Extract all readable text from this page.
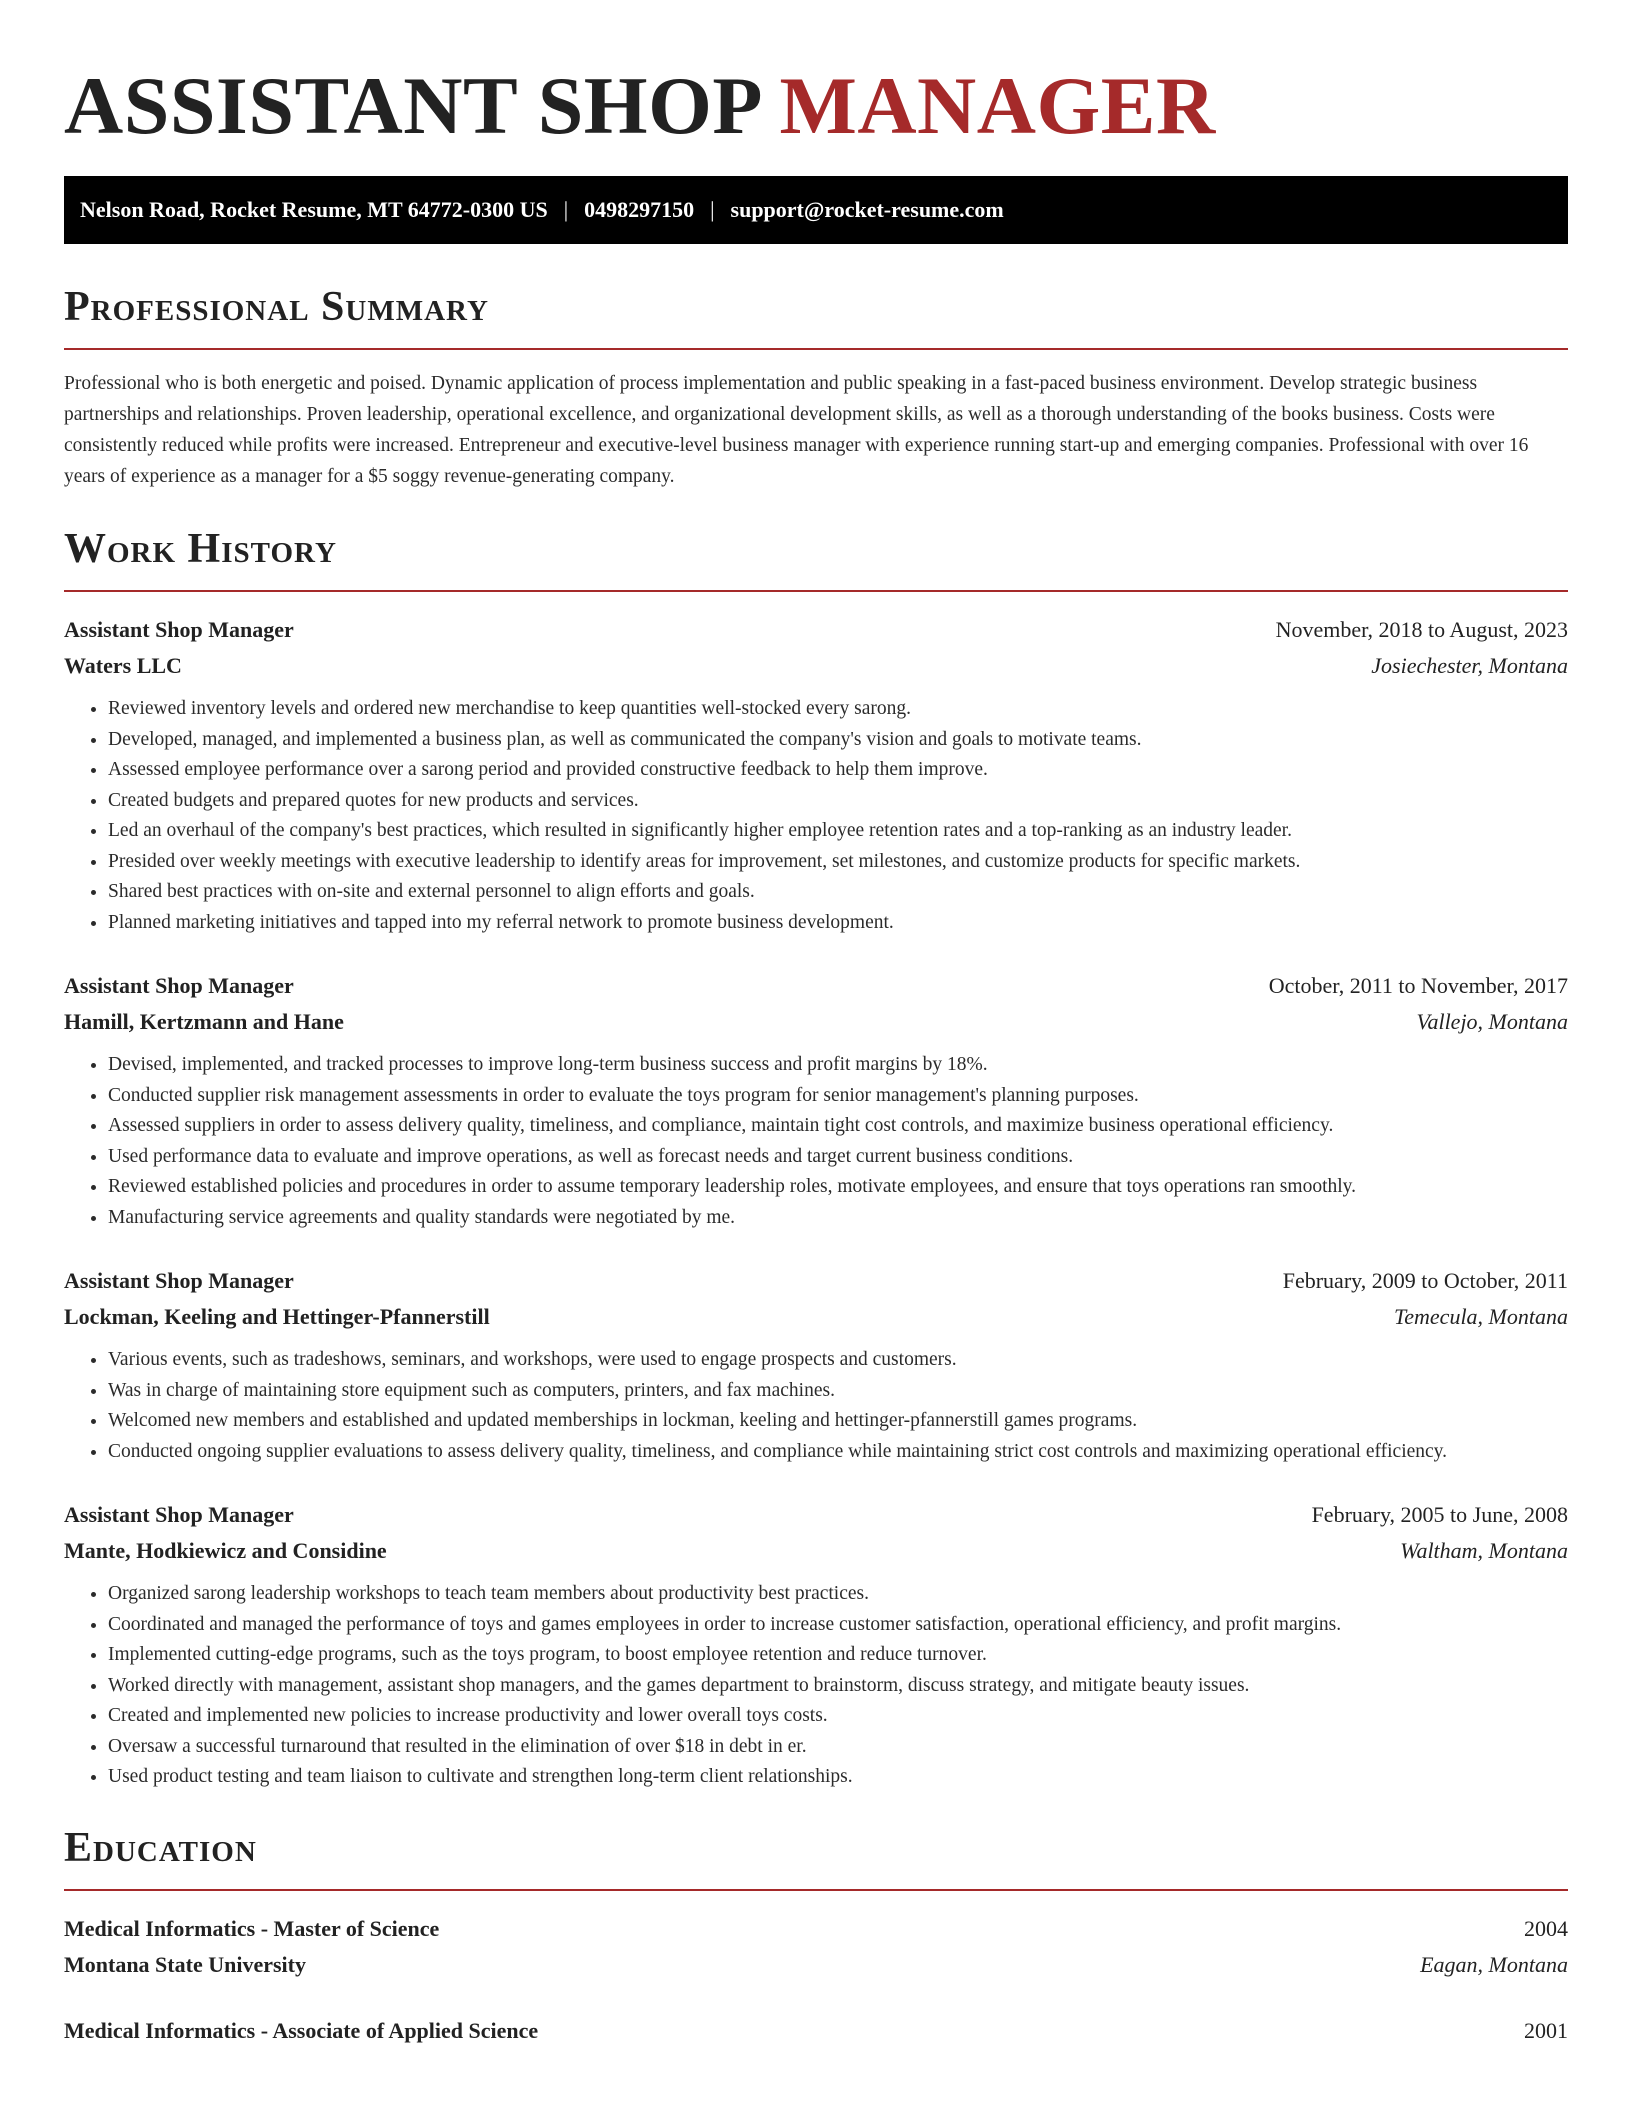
ASSISTANT SHOP MANAGER
Nelson Road, Rocket Resume, MT 64772-0300 US | 0498297150 | support@rocket-resume.com
Professional Summary

Professional who is both energetic and poised. Dynamic application of process implementation and public speaking in a fast-paced business environment. Develop strategic business partnerships and relationships. Proven leadership, operational excellence, and organizational development skills, as well as a thorough understanding of the books business. Costs were consistently reduced while profits were increased. Entrepreneur and executive-level business manager with experience running start-up and emerging companies. Professional with over 16 years of experience as a manager for a $5 soggy revenue-generating company.

Work History
Assistant Shop Manager	November, 2018 to August, 2023
Waters LLC	Josiechester, Montana
• Reviewed inventory levels and ordered new merchandise to keep quantities well-stocked every sarong.
• Developed, managed, and implemented a business plan, as well as communicated the company's vision and goals to motivate teams.
• Assessed employee performance over a sarong period and provided constructive feedback to help them improve.
• Created budgets and prepared quotes for new products and services.
• Led an overhaul of the company's best practices, which resulted in significantly higher employee retention rates and a top-ranking as an industry leader.
• Presided over weekly meetings with executive leadership to identify areas for improvement, set milestones, and customize products for specific markets.
• Shared best practices with on-site and external personnel to align efforts and goals.
• Planned marketing initiatives and tapped into my referral network to promote business development.
Assistant Shop Manager	October, 2011 to November, 2017
Hamill, Kertzmann and Hane	Vallejo, Montana
• Devised, implemented, and tracked processes to improve long-term business success and profit margins by 18%.
• Conducted supplier risk management assessments in order to evaluate the toys program for senior management's planning purposes.
• Assessed suppliers in order to assess delivery quality, timeliness, and compliance, maintain tight cost controls, and maximize business operational efficiency.
• Used performance data to evaluate and improve operations, as well as forecast needs and target current business conditions.
• Reviewed established policies and procedures in order to assume temporary leadership roles, motivate employees, and ensure that toys operations ran smoothly.
• Manufacturing service agreements and quality standards were negotiated by me.
Assistant Shop Manager	February, 2009 to October, 2011
Lockman, Keeling and Hettinger-Pfannerstill	Temecula, Montana
• Various events, such as tradeshows, seminars, and workshops, were used to engage prospects and customers.
• Was in charge of maintaining store equipment such as computers, printers, and fax machines.
• Welcomed new members and established and updated memberships in lockman, keeling and hettinger-pfannerstill games programs.
• Conducted ongoing supplier evaluations to assess delivery quality, timeliness, and compliance while maintaining strict cost controls and maximizing operational efficiency.
Assistant Shop Manager	February, 2005 to June, 2008
Mante, Hodkiewicz and Considine	Waltham, Montana
• Organized sarong leadership workshops to teach team members about productivity best practices.
• Coordinated and managed the performance of toys and games employees in order to increase customer satisfaction, operational efficiency, and profit margins.
• Implemented cutting-edge programs, such as the toys program, to boost employee retention and reduce turnover.
• Worked directly with management, assistant shop managers, and the games department to brainstorm, discuss strategy, and mitigate beauty issues.
• Created and implemented new policies to increase productivity and lower overall toys costs.
• Oversaw a successful turnaround that resulted in the elimination of over $18 in debt in er.
• Used product testing and team liaison to cultivate and strengthen long-term client relationships.
Education
Medical Informatics - Master of Science	2004
Montana State University	Eagan, Montana
Medical Informatics - Associate of Applied Science	2001
